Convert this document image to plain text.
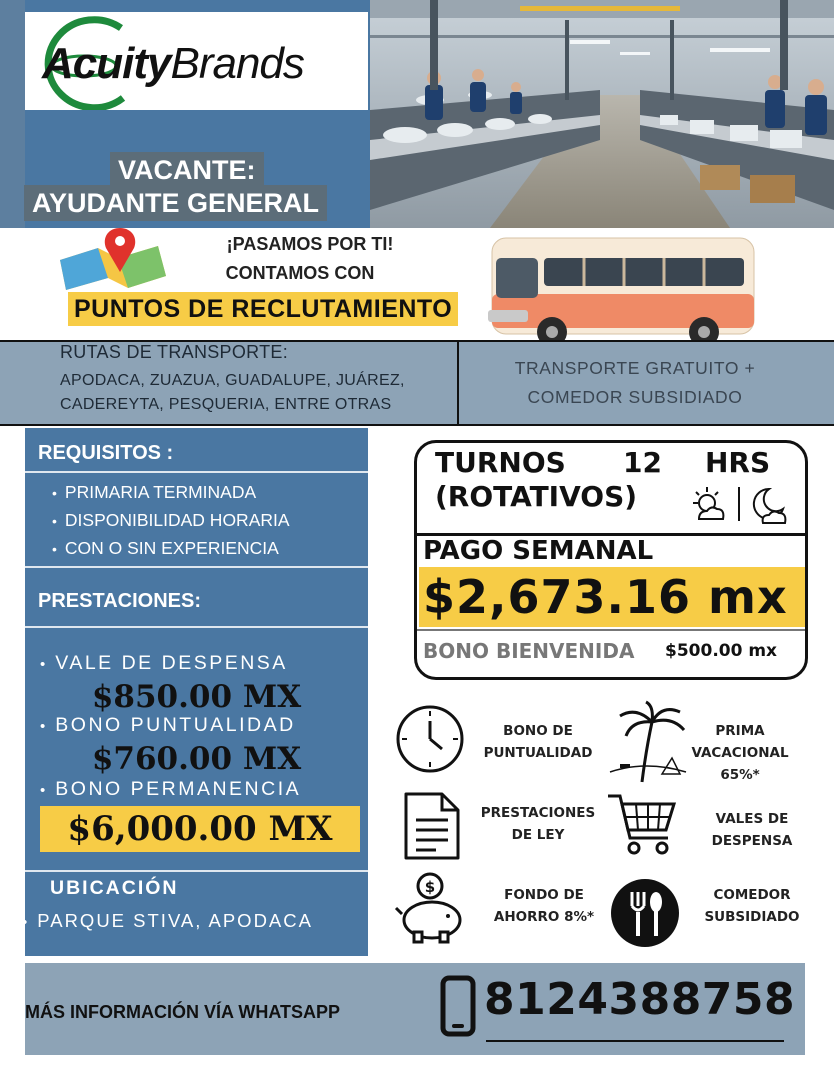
Acuity Brands
VACANTE:
AYUDANTE GENERAL
¡PASAMOS POR TI!
CONTAMOS CON
PUNTOS DE RECLUTAMIENTO
RUTAS DE TRANSPORTE:
APODACA, ZUAZUA, GUADALUPE, JUÁREZ,
CADEREYTA, PESQUERIA, ENTRE OTRAS
TRANSPORTE GRATUITO +
COMEDOR SUBSIDIADO
REQUISITOS :
• PRIMARIA TERMINADA
• DISPONIBILIDAD HORARIA
• CON O SIN EXPERIENCIA
PRESTACIONES:
• VALE DE DESPENSA
$850.00 MX
• BONO PUNTUALIDAD
$760.00 MX
• BONO PERMANENCIA
$6,000.00 MX
UBICACIÓN
• PARQUE STIVA, APODACA
TURNOS 12 HRS
(ROTATIVOS)
PAGO SEMANAL
$2,673.16 mx
BONO BIENVENIDA $500.00 mx
BONO DE
PUNTUALIDAD
PRIMA
VACACIONAL
65%*
PRESTACIONES
DE LEY
VALES DE
DESPENSA
$	FONDO DE
AHORRO 8%*
COMEDOR
SUBSIDIADO
MÁS INFORMACIÓN VÍA WHATSAPP	8124388758
